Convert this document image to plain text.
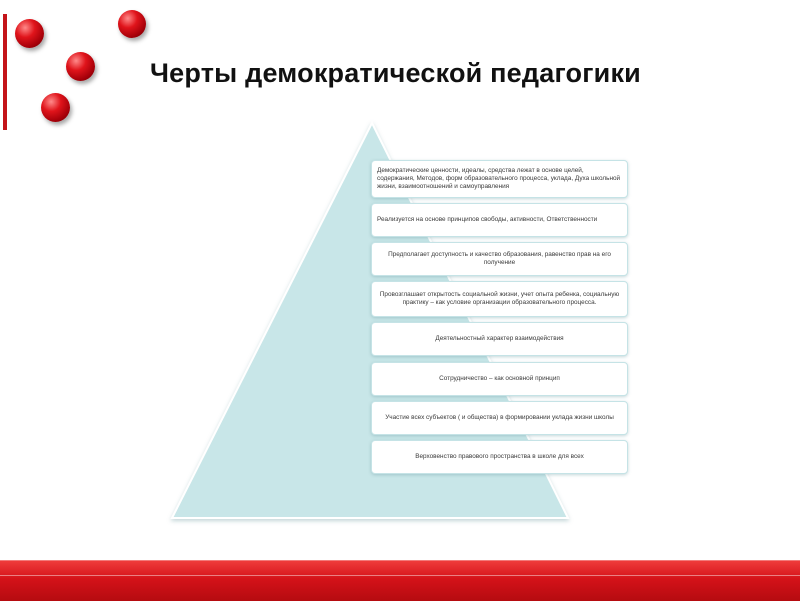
Черты демократической педагогики
Демократические ценности, идеалы, средства лежат в основе целей, содержания, Методов, форм образовательного процесса, уклада, Духа школьной жизни, взаимоотношений и самоуправления
Реализуется на основе принципов свободы, активности, Ответственности
Предполагает доступность и качество образования, равенство прав на его получение
Провозглашает открытость социальной жизни, учет опыта ребенка, социальную практику – как условие организации образовательного процесса.
Деятельностный характер взаимодействия
Сотрудничество – как основной принцип
Участие всех субъектов ( и общества) в формировании уклада жизни школы
Верховенство правового пространства в школе для всех
